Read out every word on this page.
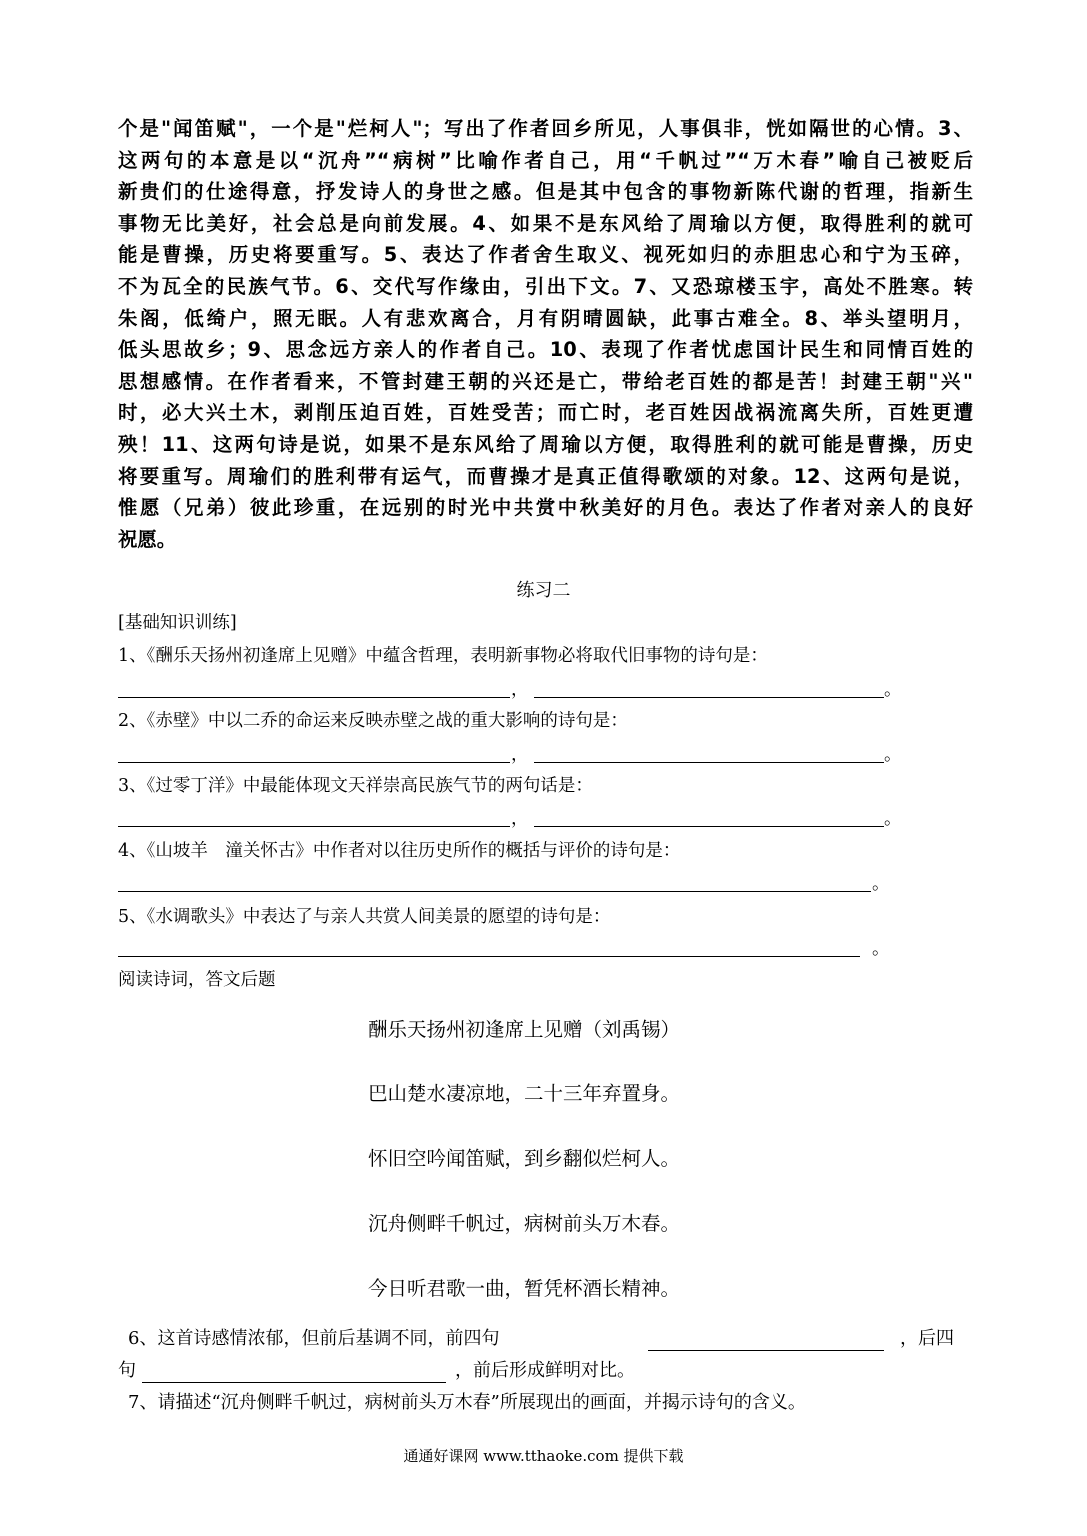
个是"闻笛赋"，一个是"烂柯人"；写出了作者回乡所见，人事俱非，恍如隔世的心情。3、
这两句的本意是以“沉舟”“病树”比喻作者自己，用“千帆过”“万木春”喻自己被贬后
新贵们的仕途得意，抒发诗人的身世之感。但是其中包含的事物新陈代谢的哲理，指新生
事物无比美好，社会总是向前发展。4、如果不是东风给了周瑜以方便，取得胜利的就可
能是曹操，历史将要重写。5、表达了作者舍生取义、视死如归的赤胆忠心和宁为玉碎，
不为瓦全的民族气节。6、交代写作缘由，引出下文。7、又恐琼楼玉宇，高处不胜寒。转
朱阁，低绮户，照无眠。人有悲欢离合，月有阴晴圆缺，此事古难全。8、举头望明月，
低头思故乡；9、思念远方亲人的作者自己。10、表现了作者忧虑国计民生和同情百姓的
思想感情。在作者看来，不管封建王朝的兴还是亡，带给老百姓的都是苦！封建王朝"兴"
时，必大兴土木，剥削压迫百姓，百姓受苦；而亡时，老百姓因战祸流离失所，百姓更遭
殃！11、这两句诗是说，如果不是东风给了周瑜以方便，取得胜利的就可能是曹操，历史
将要重写。周瑜们的胜利带有运气，而曹操才是真正值得歌颂的对象。12、这两句是说，
惟愿（兄弟）彼此珍重，在远别的时光中共赏中秋美好的月色。表达了作者对亲人的良好
祝愿。
练习二
[基础知识训练]
1、《酬乐天扬州初逢席上见赠》中蕴含哲理，表明新事物必将取代旧事物的诗句是：
，	。
2、《赤壁》中以二乔的命运来反映赤壁之战的重大影响的诗句是：
，	。
3、《过零丁洋》中最能体现文天祥崇高民族气节的两句话是：
，	。
4、《山坡羊　潼关怀古》中作者对以往历史所作的概括与评价的诗句是：
。
5、《水调歌头》中表达了与亲人共赏人间美景的愿望的诗句是：
。
阅读诗词，答文后题
酬乐天扬州初逢席上见赠（刘禹锡）
巴山楚水凄凉地，二十三年弃置身。
怀旧空吟闻笛赋，到乡翻似烂柯人。
沉舟侧畔千帆过，病树前头万木春。
今日听君歌一曲，暂凭杯酒长精神。
6、这首诗感情浓郁，但前后基调不同，前四句	，后四
句	，前后形成鲜明对比。
7、请描述“沉舟侧畔千帆过，病树前头万木春”所展现出的画面，并揭示诗句的含义。
通通好课网 www.tthaoke.com 提供下载
